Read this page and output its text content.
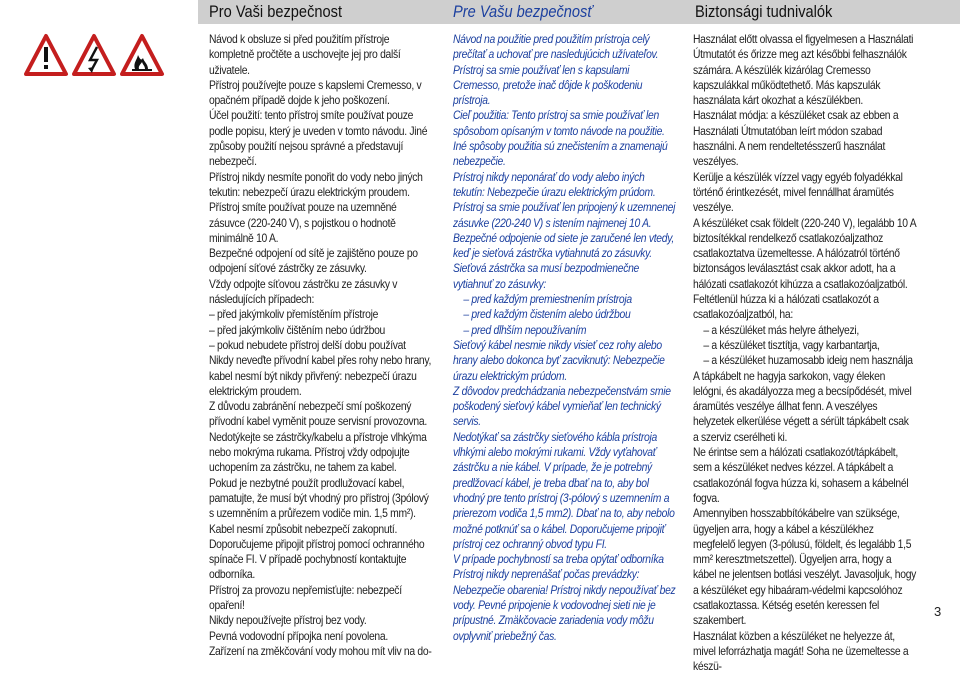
Pro Vaši bezpečnost	Pre Vašu bezpečnosť	Biztonsági tudnivalók

Návod k obsluze si před použitím přístroje kompletně pročtěte a uschovejte jej pro další uživatele.

Přístroj používejte pouze s kapslemi Cremesso, v opačném případě dojde k jeho poškození.

Účel použití: tento přístroj smíte používat pouze podle popisu, který je uveden v tomto návodu. Jiné způsoby použití nejsou správné a představují nebezpečí.

Přístroj nikdy nesmíte ponořit do vody nebo jiných tekutin: nebezpečí úrazu elektrickým proudem.

Přístroj smíte používat pouze na uzemněné zásuvce (220-240 V), s pojistkou o hodnotě minimálně 10 A.

Bezpečné odpojení od sítě je zajištěno pouze po odpojení síťové zástrčky ze zásuvky.

Vždy odpojte síťovou zástrčku ze zásuvky v následujících případech:

– před jakýmkoliv přemístěním přístroje

– před jakýmkoliv čištěním nebo údržbou

– pokud nebudete přístroj delší dobu používat

Nikdy neveďte přívodní kabel přes rohy nebo hrany, kabel nesmí být nikdy přivřený: nebezpečí úrazu elektrickým proudem.

Z důvodu zabránění nebezpečí smí poškozený přívodní kabel vyměnit pouze servisní provozovna.

Nedotýkejte se zástrčky/kabelu a přístroje vlhkýma nebo mokrýma rukama. Přístroj vždy odpojujte uchopením za zástrčku, ne tahem za kabel.

Pokud je nezbytné použít prodlužovací kabel, pamatujte, že musí být vhodný pro přístroj (3pólový s uzemněním a průřezem vodiče min. 1,5 mm²). Kabel nesmí způsobit nebezpečí zakopnutí.

Doporučujeme připojit přístroj pomocí ochranného spínače FI. V případě pochybností kontaktujte odborníka.

Přístroj za provozu nepřemisťujte: nebezpečí opaření!

Nikdy nepoužívejte přístroj bez vody.

Pevná vodovodní přípojka není povolena.

Zařízení na změkčování vody mohou mít vliv na do-

Návod na použitie pred použitím prístroja celý prečítať a uchovať pre nasledujúcich užívateľov.

Prístroj sa smie používať len s kapsulami Cremesso, pretože inač dôjde k poškodeniu prístroja.

Cieľ použitia: Tento prístroj sa smie používať len spôsobom opísaným v tomto návode na použitie. Iné spôsoby použitia sú znečistením a znamenajú nebezpečie.

Prístroj nikdy neponárať do vody alebo iných tekutín: Nebezpečie úrazu elektrickým prúdom.

Prístroj sa smie používať len pripojený k uzemnenej zásuvke (220-240 V) s istením najmenej 10 A. Bezpečné odpojenie od siete je zaručené len vtedy, keď je sieťová zástrčka vytiahnutá zo zásuvky.

Sieťová zástrčka sa musí bezpodmienečne vytiahnuť zo zásuvky:

– pred každým premiestnením prístroja

– pred každým čistením alebo údržbou

– pred dlhším nepoužívaním

Sieťový kábel nesmie nikdy visieť cez rohy alebo hrany alebo dokonca byť zacviknutý: Nebezpečie úrazu elektrickým prúdom.

Z dôvodov predchádzania nebezpečenstvám smie poškodený sieťový kábel vymieňať len technický servis.

Nedotýkať sa zástrčky sieťového kábla prístroja vlhkými alebo mokrými rukami. Vždy vyťahovať zástrčku a nie kábel. V prípade, že je potrebný predlžovací kábel, je treba dbať na to, aby bol vhodný pre tento prístroj (3-pólový s uzemnením a prierezom vodiča 1,5 mm2). Dbať na to, aby nebolo možné potknúť sa o kábel. Doporučujeme pripojiť prístroj cez ochranný obvod typu FI.

V prípade pochybností sa treba opýtať odborníka

Prístroj nikdy neprenášať počas prevádzky: Nebezpečie obarenia! Prístroj nikdy nepoužívať bez vody. Pevné pripojenie k vodovodnej sieti nie je prípustné. Zmäkčovacie zariadenia vody môžu ovplyvniť priebežný čas.

Használat előtt olvassa el figyelmesen a Használati Útmutatót és őrizze meg azt későbbi felhasználók számára. A készülék kizárólag Cremesso kapszulákkal működtethető. Más kapszulák használata kárt okozhat a készülékben.

Használat módja: a készüléket csak az ebben a Használati Útmutatóban leírt módon szabad használni. A nem rendeltetésszerű használat veszélyes.

Kerülje a készülék vízzel vagy egyéb folyadékkal történő érintkezését, mivel fennállhat áramütés veszélye.

A készüléket csak földelt (220-240 V), legalább 10 A biztosítékkal rendelkező csatlakozóaljzathoz csatlakoztatva üzemeltesse. A hálózatról történő biztonságos leválasztást csak akkor adott, ha a hálózati csatlakozót kihúzza a csatlakozóaljzatból.

Feltétlenül húzza ki a hálózati csatlakozót a csatlakozóaljzatból, ha:

– a készüléket más helyre áthelyezi,

– a készüléket tisztítja, vagy karbantartja,

– a készüléket huzamosabb ideig nem használja

A tápkábelt ne hagyja sarkokon, vagy éleken lelógni, és akadályozza meg a becsípődését, mivel áramütés veszélye állhat fenn. A veszélyes helyzetek elkerülése végett a sérült tápkábelt csak a szerviz cserélheti ki.

Ne érintse sem a hálózati csatlakozót/tápkábelt, sem a készüléket nedves kézzel. A tápkábelt a csatlakozónál fogva húzza ki, sohasem a kábelnél fogva.

Amennyiben hosszabbítókábelre van szüksége, ügyeljen arra, hogy a kábel a készülékhez megfelelő legyen (3-pólusú, földelt, és legalább 1,5 mm² keresztmetszettel). Ügyeljen arra, hogy a kábel ne jelentsen botlási veszélyt. Javasoljuk, hogy a készüléket egy hibaáram-védelmi kapcsolóhoz csatlakoztassa. Kétség esetén keressen fel szakembert.

Használat közben a készüléket ne helyezze át, mivel leforrázhatja magát! Soha ne üzemeltesse a készü-

3
